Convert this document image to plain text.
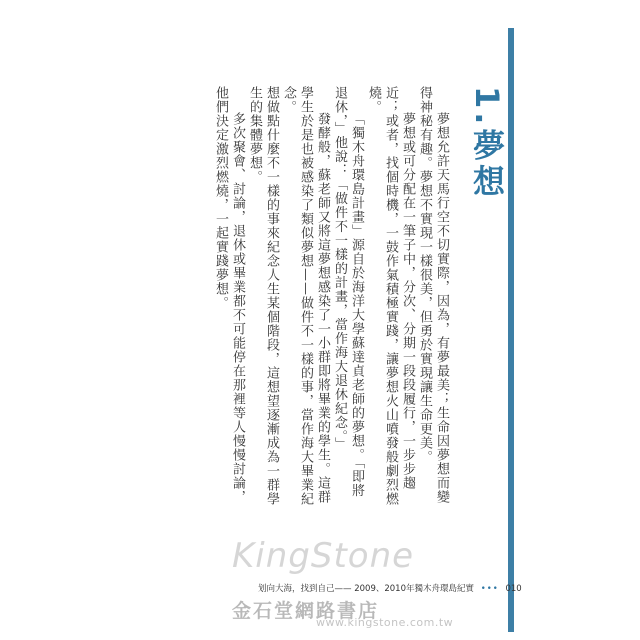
1.夢想

夢想允許天馬行空不切實際，因為，有夢最美；生命因夢想而變得神秘有趣。夢想不實現一樣很美，但勇於實現讓生命更美。

夢想或可分配在一筆子中，分次、分期一段段履行，一步步趨近；或者，找個時機，一鼓作氣積極實踐，讓夢想火山噴發般劇烈燃燒。

「獨木舟環島計畫」源自於海洋大學蘇達貞老師的夢想。「即將退休，」他說：「做件不一樣的計畫，當作海大退休紀念。」

發酵般，蘇老師又將這夢想感染了一小群即將畢業的學生。這群學生於是也被感染了類似夢想——做件不一樣的事，當作海大畢業紀念。

想做點什麼不一樣的事來紀念人生某個階段，這想望逐漸成為一群學生的集體夢想。

多次聚會、討論，退休或畢業都不可能停在那裡等人慢慢討論，他們決定激烈燃燒，一起實踐夢想。

KingStone
划向大海，找到自己—— 2009、2010年獨木舟環島紀實 ••• 010
金石堂網路書店
www.kingstone.com.tw
